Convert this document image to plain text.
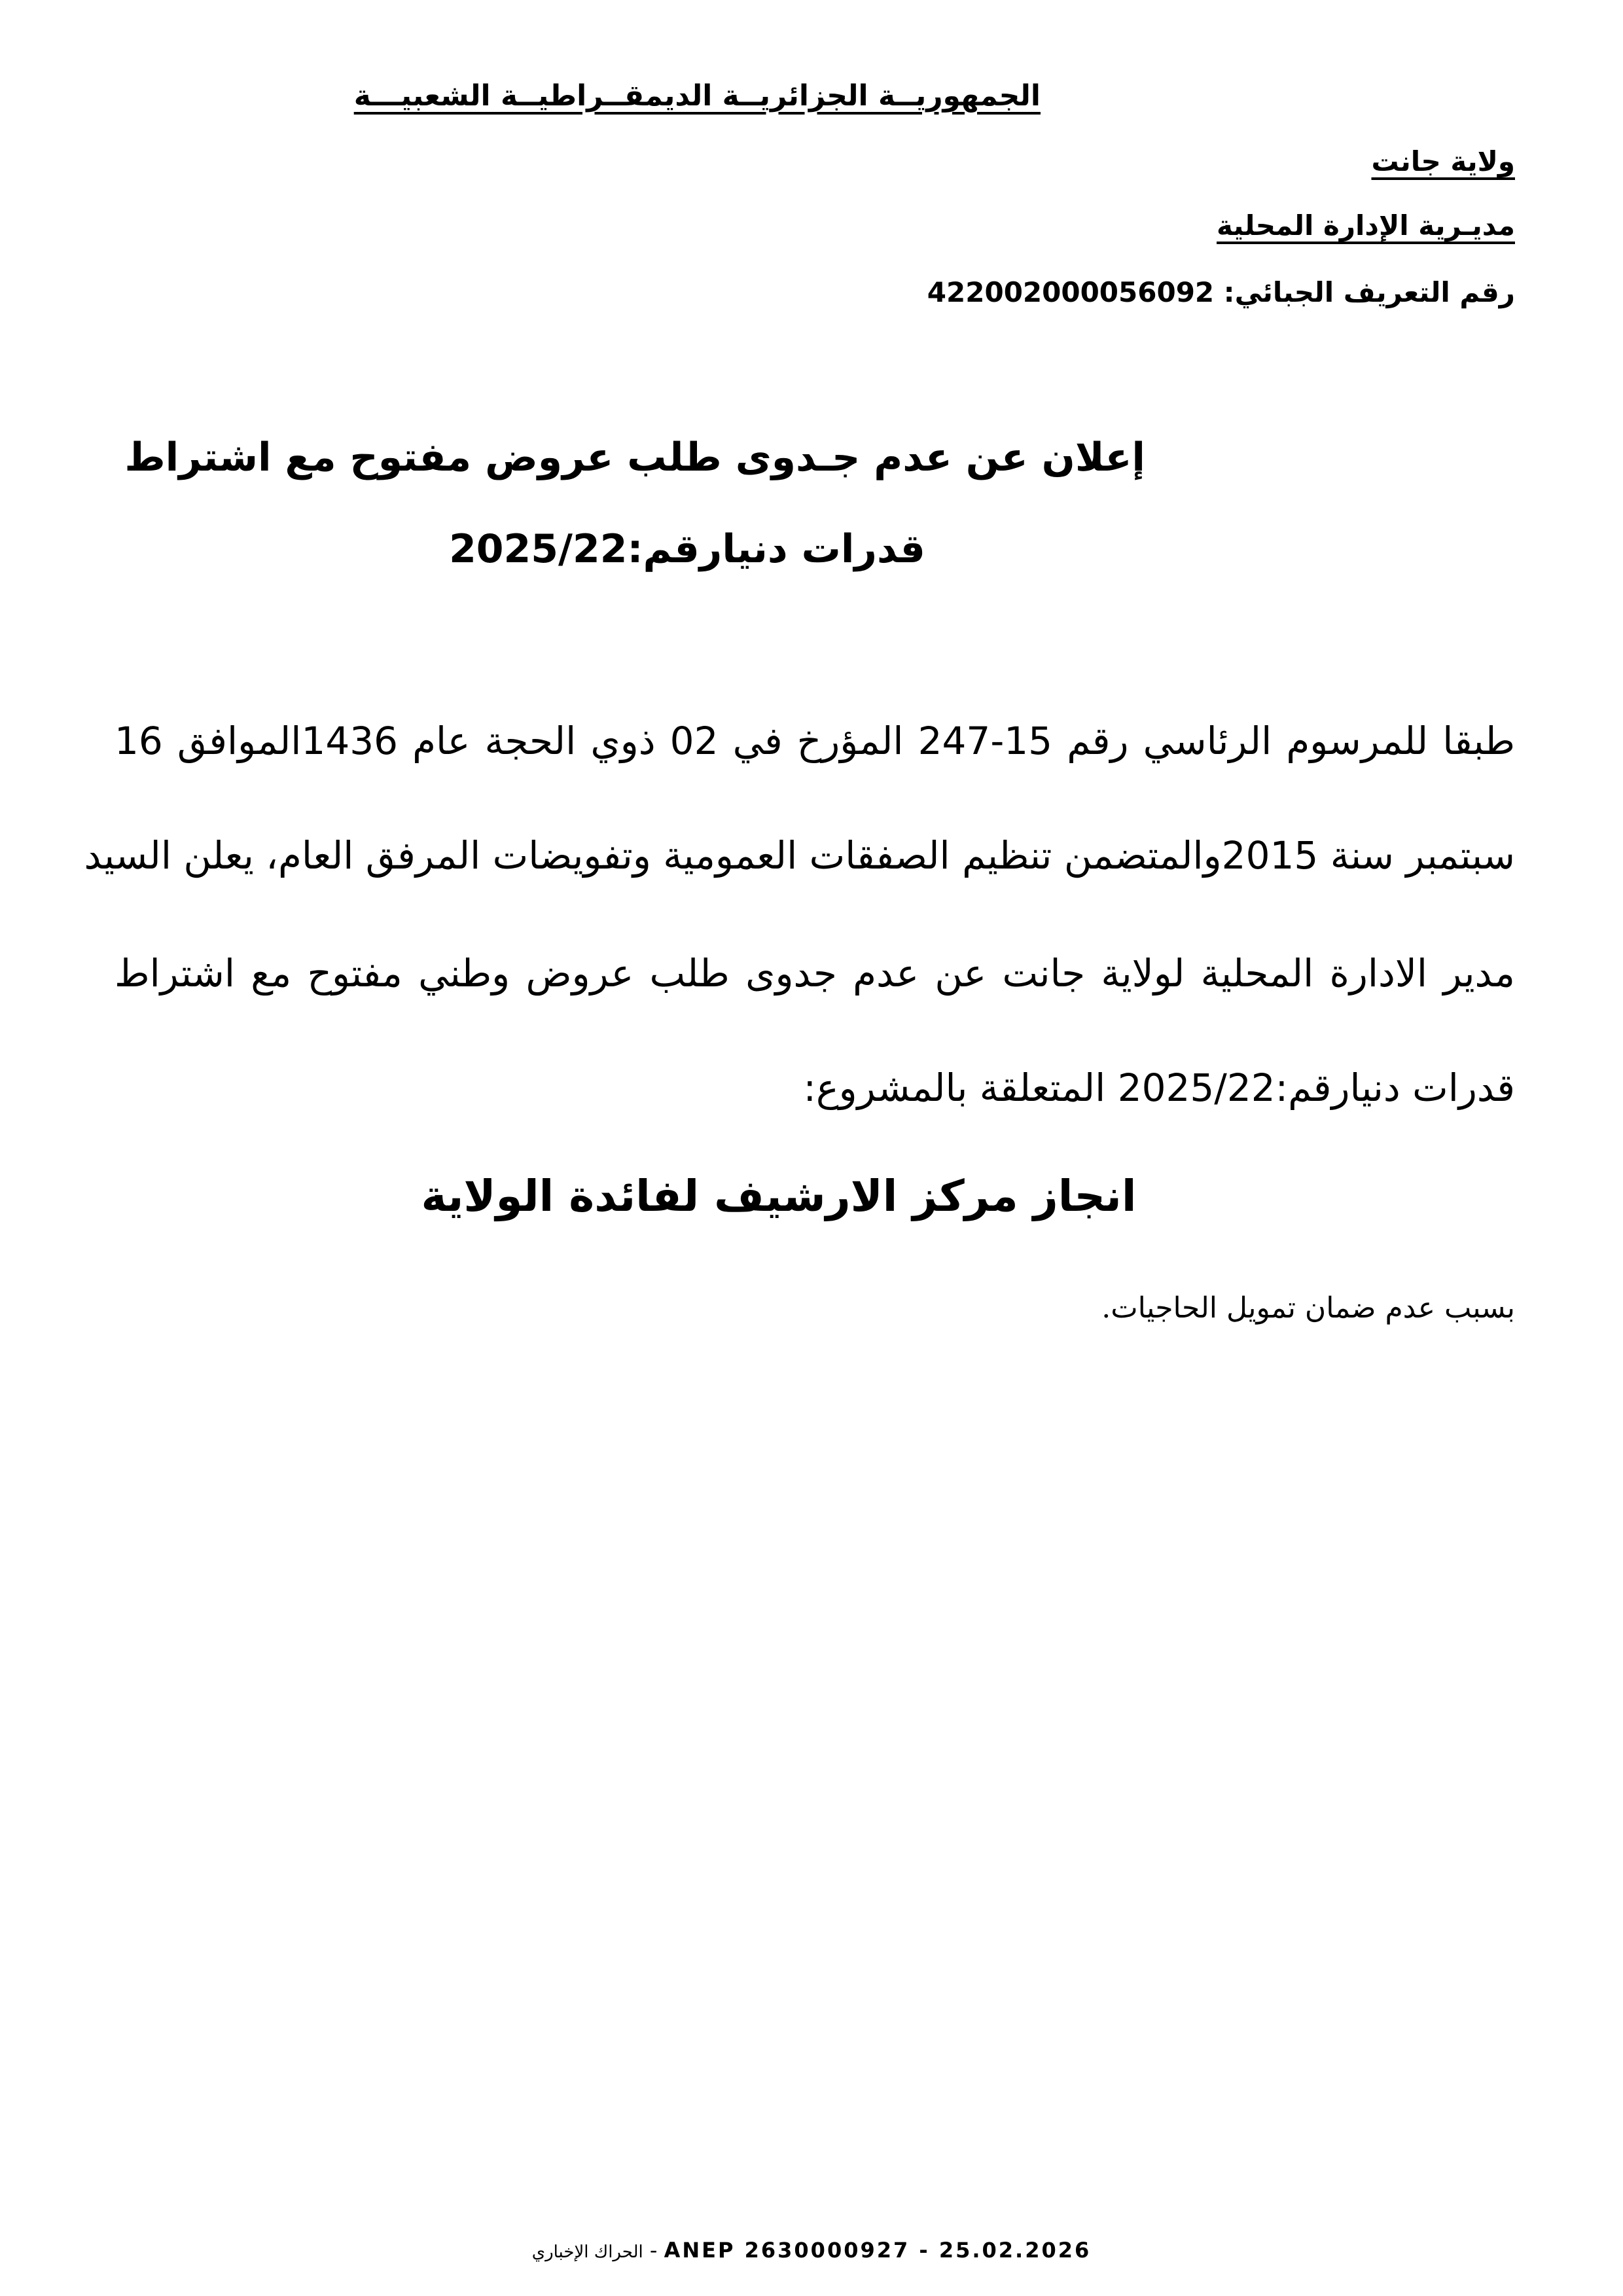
الجمهوريــة الجزائريــة الديمقــراطيــة الشعبيـــة
ولاية جانت
مديـرية الإدارة المحلية
رقم التعريف الجبائي: 422002000056092
إعلان عن عدم جـدوى طلب عروض مفتوح مع اشتراط
قدرات دنيارقم:2025/22
طبقا للمرسوم الرئاسي رقم 15-247 المؤرخ في 02 ذوي الحجة عام 1436الموافق 16
سبتمبر سنة 2015والمتضمن تنظيم الصفقات العمومية وتفويضات المرفق العام، يعلن السيد
مدير الادارة المحلية لولاية جانت عن عدم جدوى طلب عروض وطني مفتوح مع اشتراط
قدرات دنيارقم:2025/22 المتعلقة بالمشروع:
انجاز مركز الارشيف لفائدة الولاية
بسبب عدم ضمان تمويل الحاجيات.
الحراك الإخباري - ANEP 2630000927 - 25.02.2026
